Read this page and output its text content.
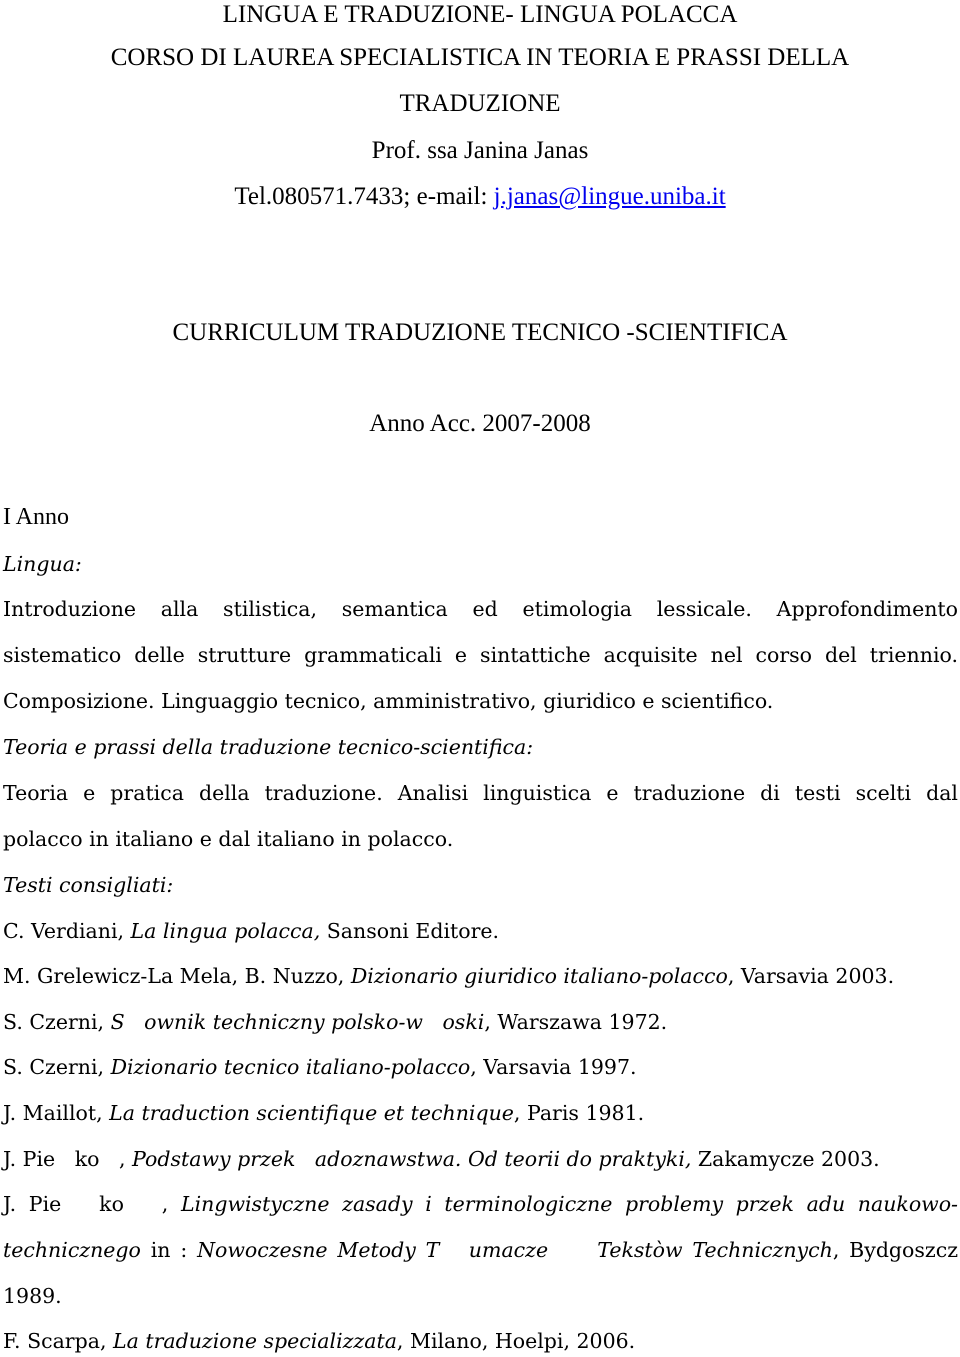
LINGUA E TRADUZIONE- LINGUA POLACCA
CORSO DI LAUREA SPECIALISTICA IN TEORIA E PRASSI DELLA
TRADUZIONE
Prof. ssa Janina Janas
Tel.080571.7433; e-mail: j.janas@lingue.uniba.it
CURRICULUM TRADUZIONE TECNICO -SCIENTIFICA
Anno Acc. 2007-2008
I Anno
Lingua:
Introduzione alla stilistica, semantica ed etimologia lessicale. Approfondimento
sistematico delle strutture grammaticali e sintattiche acquisite nel corso del triennio.
Composizione. Linguaggio tecnico, amministrativo, giuridico e scientifico.
Teoria e prassi della traduzione tecnico-scientifica:
Teoria e pratica della traduzione. Analisi linguistica e traduzione di testi scelti dal
polacco in italiano e dal italiano in polacco.
Testi consigliati:
C. Verdiani, La lingua polacca, Sansoni Editore.
M. Grelewicz-La Mela, B. Nuzzo, Dizionario giuridico italiano-polacco, Varsavia 2003.
S. Czerni, S   ownik techniczny polsko-w   oski, Warszawa 1972.
S. Czerni, Dizionario tecnico italiano-polacco, Varsavia 1997.
J. Maillot, La traduction scientifique et technique, Paris 1981.
J. Pie   ko   , Podstawy przek   adoznawstwa. Od teorii do praktyki, Zakamycze 2003.
J. Pie   ko   , Lingwistyczne zasady i terminologiczne problemy przek adu naukowo-
technicznego in : Nowoczesne Metody T   umacze     Tekstòw Technicznych, Bydgoszcz
1989.
F. Scarpa, La traduzione specializzata, Milano, Hoelpi, 2006.
